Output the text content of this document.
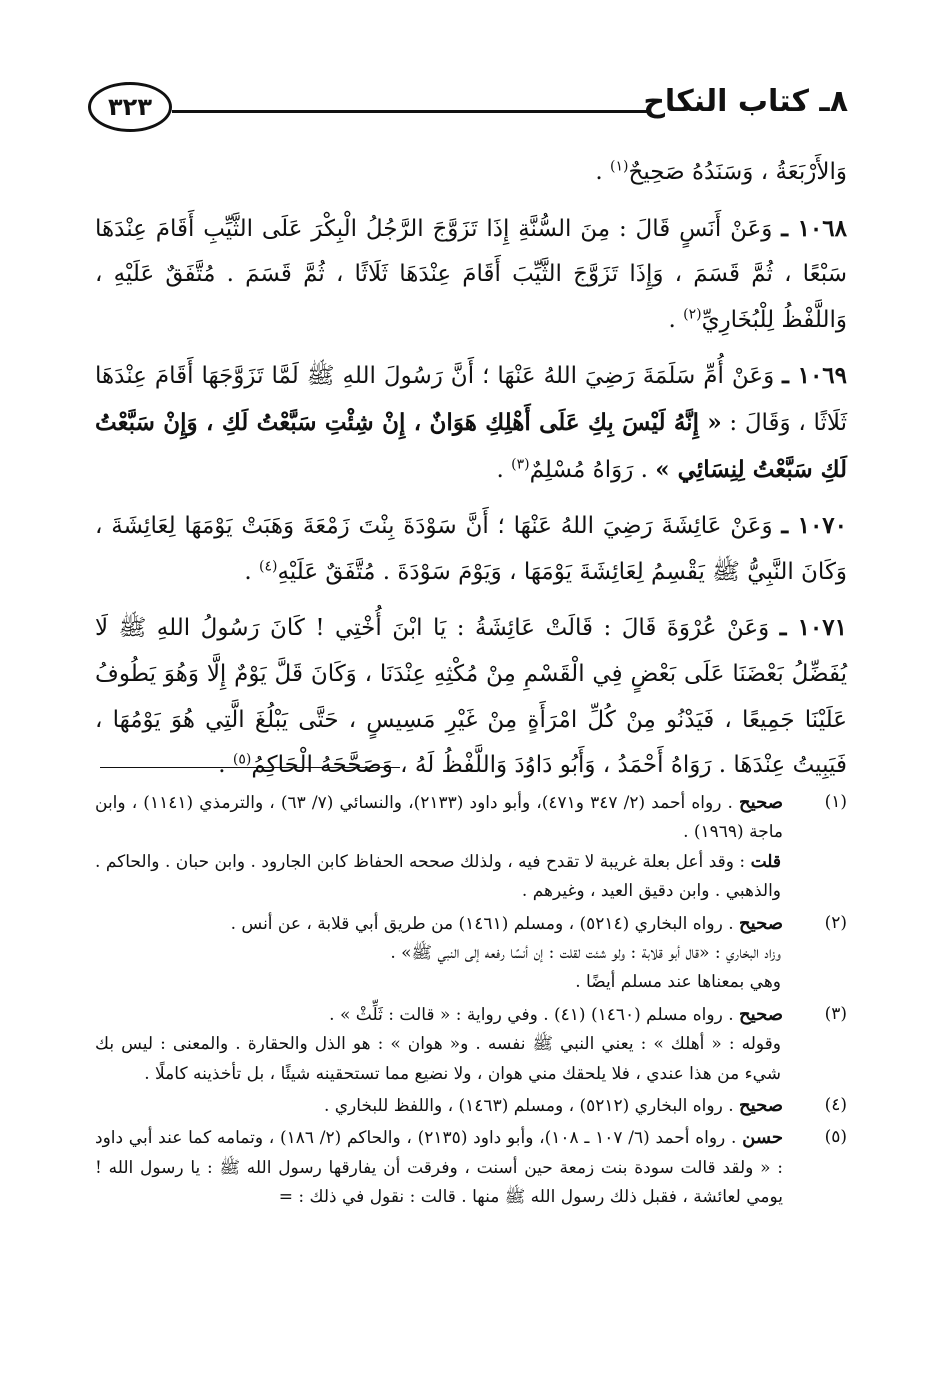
٨ـ كتاب النكاح
٣٢٣

وَالأَرْبَعَةُ ، وَسَنَدُهُ صَحِيحٌ$^{(١)}$ .

١٠٦٨ ـ وَعَنْ أَنَسٍ قَالَ : مِنَ السُّنَّةِ إِذَا تَزَوَّجَ الرَّجُلُ الْبِكْرَ عَلَى الثَّيِّبِ أَقَامَ عِنْدَهَا سَبْعًا ، ثُمَّ قَسَمَ ، وَإِذَا تَزَوَّجَ الثَّيِّبَ أَقَامَ عِنْدَهَا ثَلَاثًا ، ثُمَّ قَسَمَ . مُتَّفَقٌ عَلَيْهِ ، وَاللَّفْظُ لِلْبُخَارِيِّ$^{(٢)}$ .

١٠٦٩ ـ وَعَنْ أُمِّ سَلَمَةَ رَضِيَ اللهُ عَنْهَا ؛ أَنَّ رَسُولَ اللهِ ﷺ لَمَّا تَزَوَّجَهَا أَقَامَ عِنْدَهَا ثَلَاثًا ، وَقَالَ : « إِنَّهُ لَيْسَ بِكِ عَلَى أَهْلِكِ هَوَانٌ ، إِنْ شِئْتِ سَبَّعْتُ لَكِ ، وَإِنْ سَبَّعْتُ لَكِ سَبَّعْتُ لِنِسَائِي » . رَوَاهُ مُسْلِمٌ$^{(٣)}$ .

١٠٧٠ ـ وَعَنْ عَائِشَةَ رَضِيَ اللهُ عَنْهَا ؛ أَنَّ سَوْدَةَ بِنْتَ زَمْعَةَ وَهَبَتْ يَوْمَهَا لِعَائِشَةَ ، وَكَانَ النَّبِيُّ ﷺ يَقْسِمُ لِعَائِشَةَ يَوْمَهَا ، وَيَوْمَ سَوْدَةَ . مُتَّفَقٌ عَلَيْهِ$^{(٤)}$ .

١٠٧١ ـ وَعَنْ عُرْوَةَ قَالَ : قَالَتْ عَائِشَةُ : يَا ابْنَ أُخْتِي ! كَانَ رَسُولُ اللهِ ﷺ لَا يُفَضِّلُ بَعْضَنَا عَلَى بَعْضٍ فِي الْقَسْمِ مِنْ مُكْثِهِ عِنْدَنَا ، وَكَانَ قَلَّ يَوْمٌ إِلَّا وَهُوَ يَطُوفُ عَلَيْنَا جَمِيعًا ، فَيَدْنُو مِنْ كُلِّ امْرَأَةٍ مِنْ غَيْرِ مَسِيسٍ ، حَتَّى يَبْلُغَ الَّتِي هُوَ يَوْمُهَا ، فَيَبِيتُ عِنْدَهَا . رَوَاهُ أَحْمَدُ ، وَأَبُو دَاوُدَ وَاللَّفْظُ لَهُ ، وَصَحَّحَهُ الْحَاكِمُ$^{(٥)}$ .

(١)
صحيح . رواه أحمد (٢/ ٣٤٧ و٤٧١)، وأبو داود (٢١٣٣)، والنسائي (٧/ ٦٣) ، والترمذي (١١٤١) ، وابن ماجة (١٩٦٩) .
قلت : وقد أعل بعلة غريبة لا تقدح فيه ، ولذلك صححه الحفاظ كابن الجارود . وابن حبان . والحاكم . والذهبي . وابن دقيق العيد ، وغيرهم .
(٢)
صحيح . رواه البخاري (٥٢١٤) ، ومسلم (١٤٦١) من طريق أبي قلابة ، عن أنس .
وزاد البخاري : «قال أبو قلابة : ولو شئت لقلت : إن أنسًا رفعه إلى النبي ﷺ» .
وهي بمعناها عند مسلم أيضًا .
(٣)
صحيح . رواه مسلم (١٤٦٠) (٤١) . وفي رواية : « قالت : ثَلِّثْ » .
وقوله : « أهلك » : يعني النبي ﷺ نفسه . و« هوان » : هو الذل والحقارة . والمعنى : ليس بك شيء من هذا عندي ، فلا يلحقك مني هوان ، ولا نضيع مما تستحقينه شيئًا ، بل تأخذينه كاملًا .
(٤)
صحيح . رواه البخاري (٥٢١٢) ، ومسلم (١٤٦٣) ، واللفظ للبخاري .
(٥)
حسن . رواه أحمد (٦/ ١٠٧ ـ ١٠٨)، وأبو داود (٢١٣٥) ، والحاكم (٢/ ١٨٦) ، وتمامه كما عند أبي داود : « ولقد قالت سودة بنت زمعة حين أسنت ، وفرقت أن يفارقها رسول الله ﷺ : يا رسول الله ! يومي لعائشة ، فقبل ذلك رسول الله ﷺ منها . قالت : نقول في ذلك : =
